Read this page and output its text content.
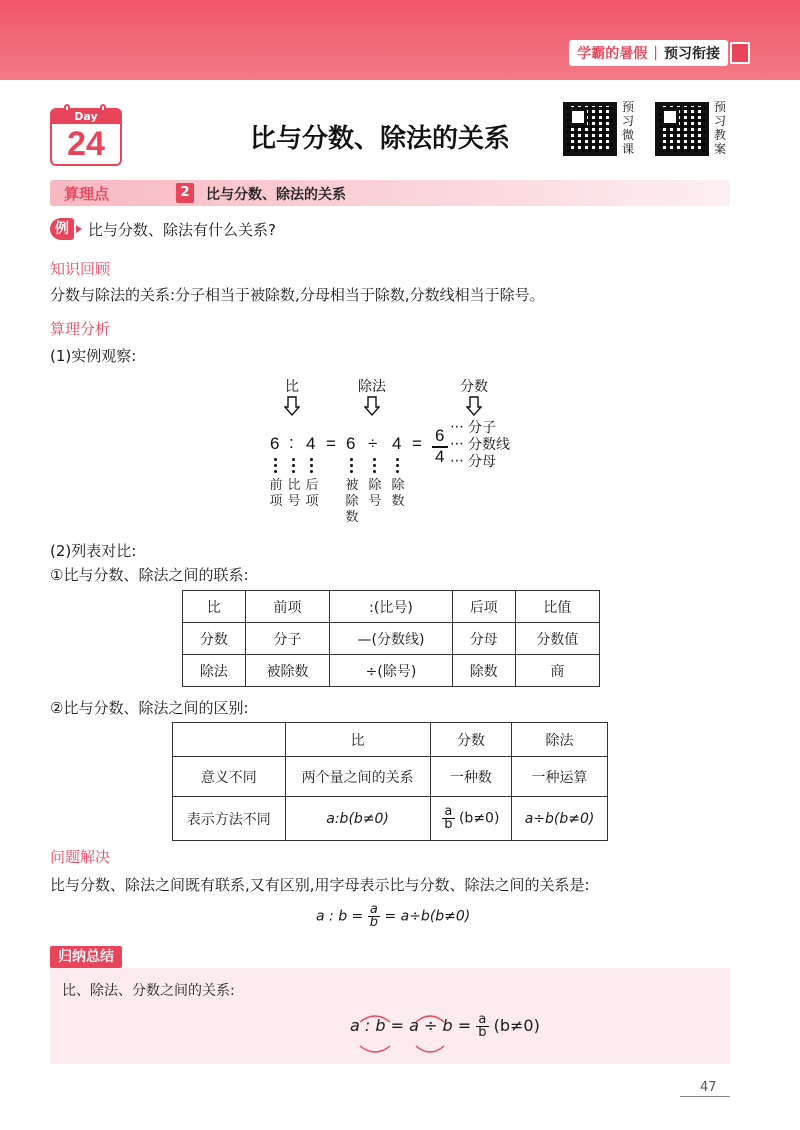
学霸的暑假 | 预习衔接
Day
24	比与分数、除法的关系
预习微课
预习教案
算理点	2	比与分数、除法的关系
例	比与分数、除法有什么关系?
知识回顾
分数与除法的关系:分子相当于被除数,分母相当于除数,分数线相当于除号。
算理分析
(1)实例观察:
比	除法	分数
6 : 4 = 6 ÷ 4 = 6
4
⋯
⋯
⋯
分子
分数线
分母
前项
比号
后项
被除数
除号
除数
(2)列表对比:
①比与分数、除法之间的联系:
比	前项	:(比号)	后项	比值
分数	分子	—(分数线)	分母	分数值
除法	被除数	÷(除号)	除数	商
②比与分数、除法之间的区别:
	比	分数	除法
意义不同	两个量之间的关系	一种数	一种运算
表示方法不同	a:b(b≠0)	$\frac{a}{b} (b\ne 0)$	a÷b(b≠0)
问题解决
比与分数、除法之间既有联系,又有区别,用字母表示比与分数、除法之间的关系是:
a : $b = \frac{a}{b} = a\div b(b\ne 0)$
归纳总结
比、除法、分数之间的关系:
a : $b = a \div b = \frac{a}{b} (b\ne 0)$
47
